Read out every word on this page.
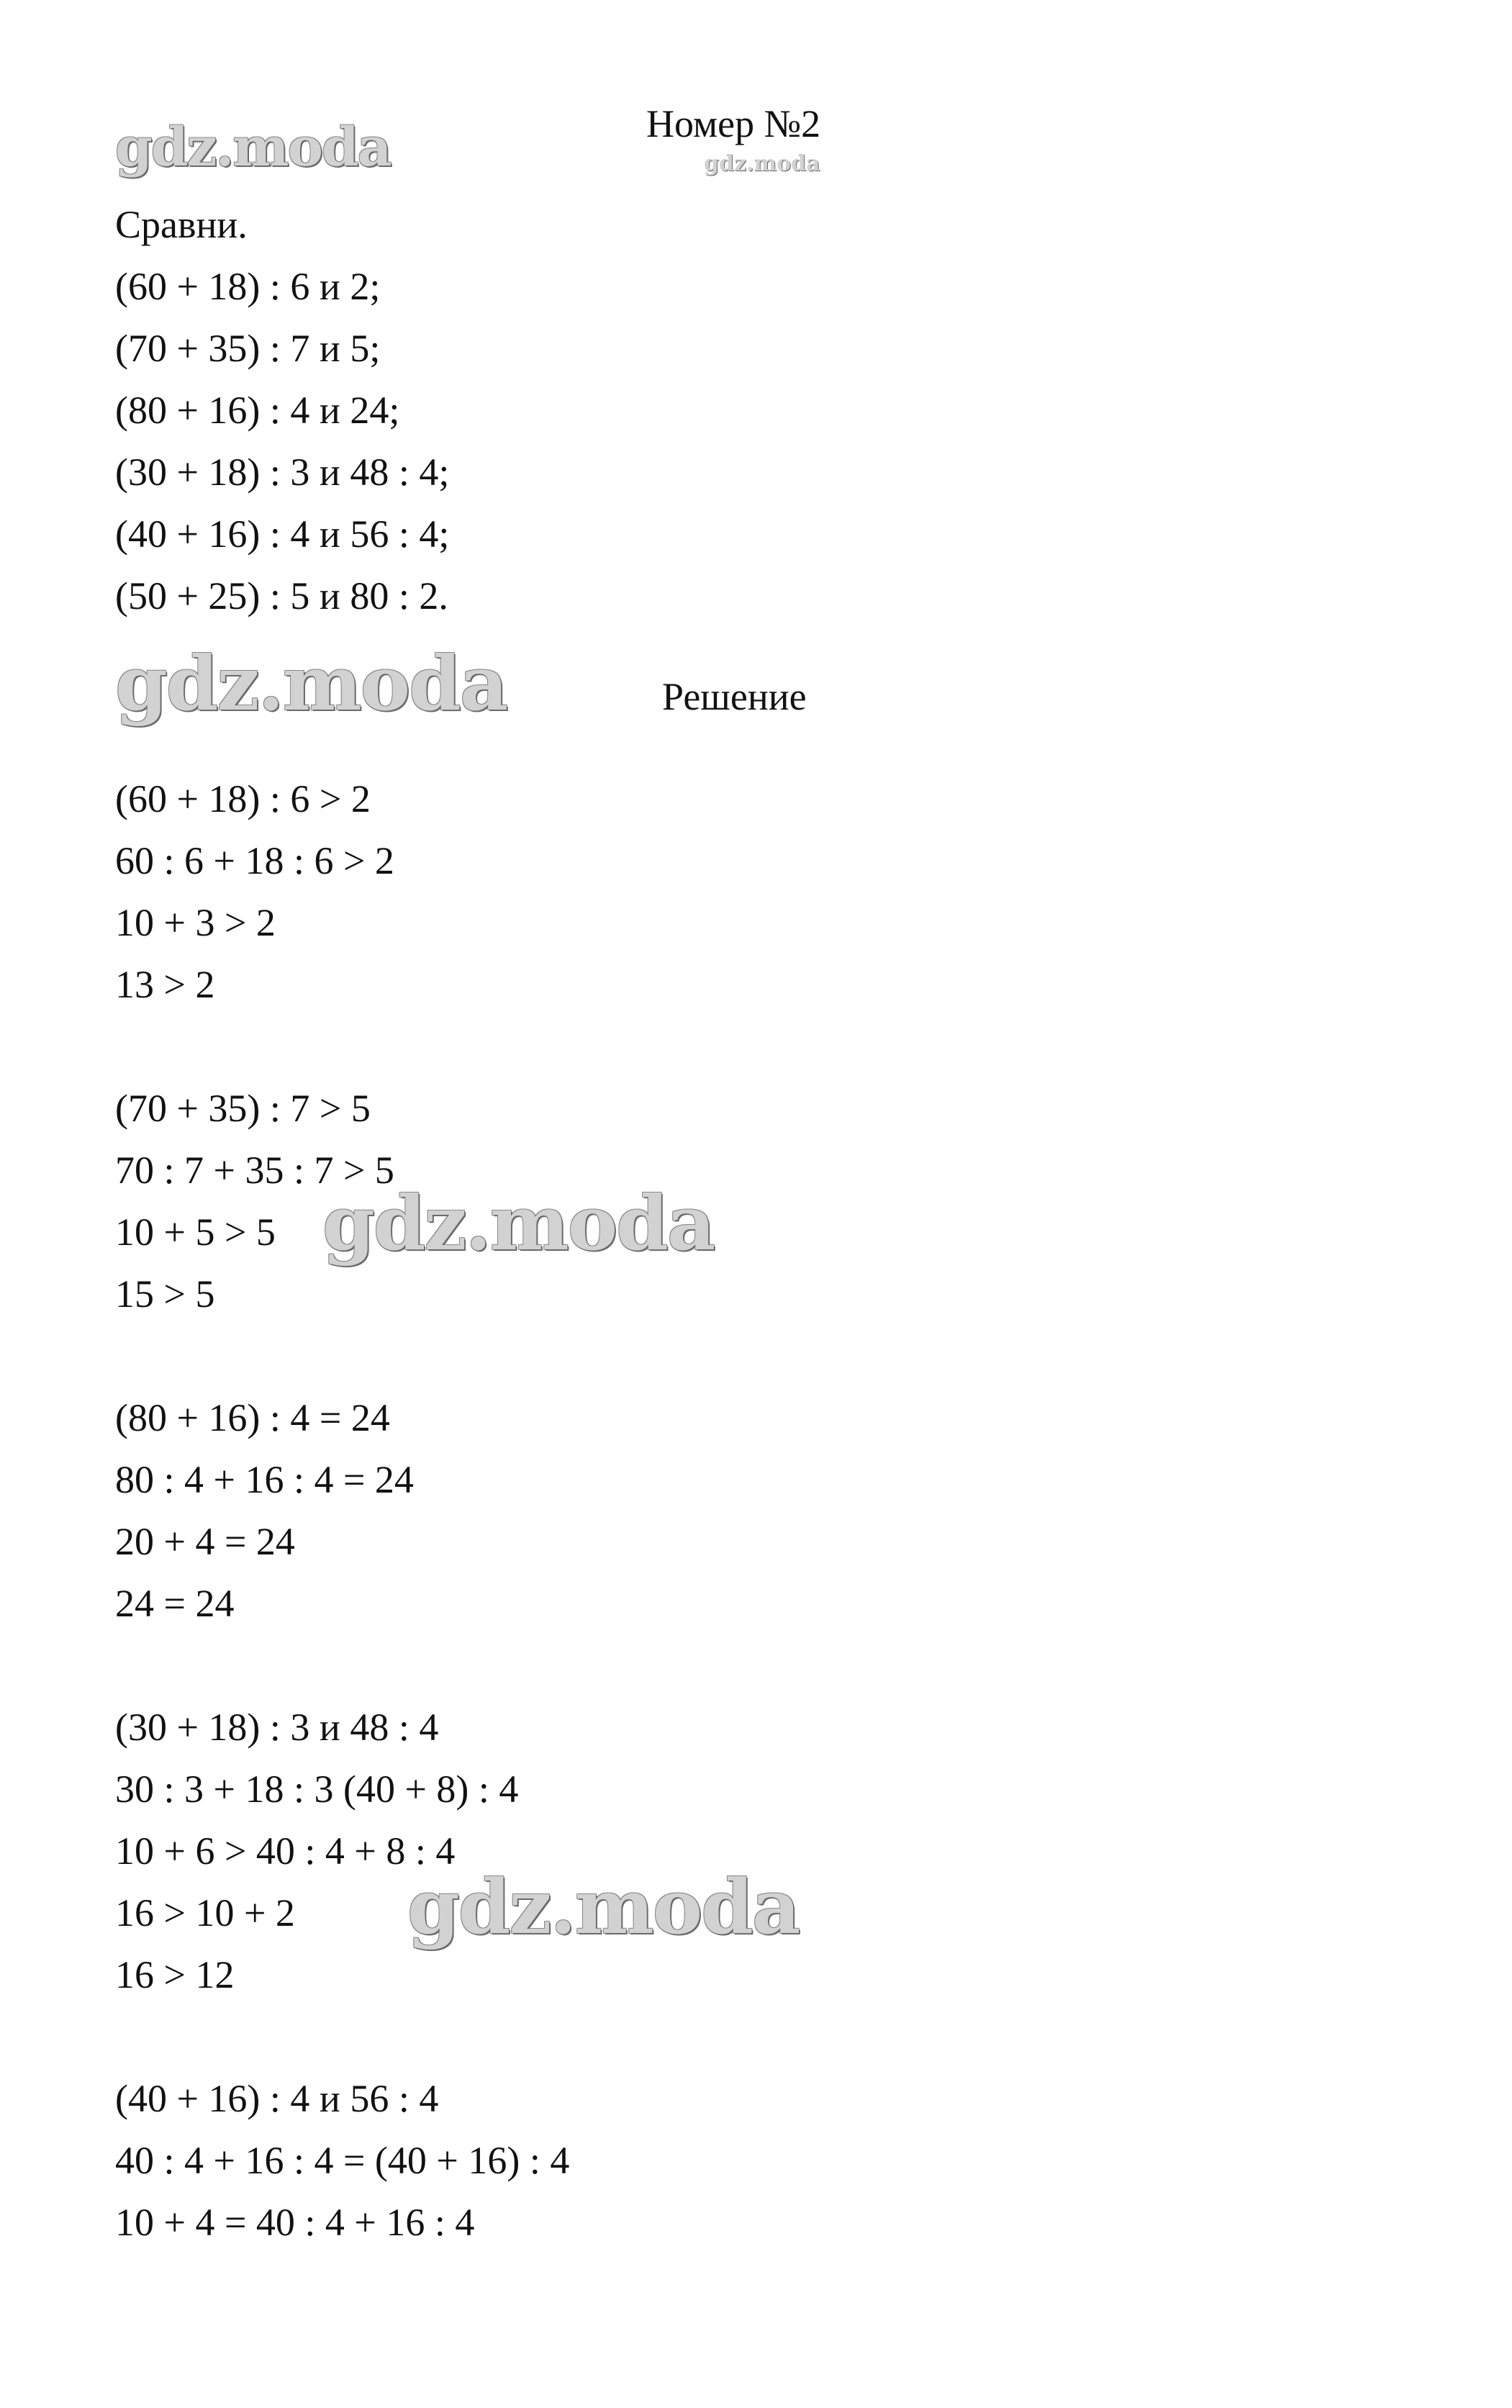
gdz.moda	gdz.moda
gdz.moda
gdz.moda
gdz.moda
Номер №2
Сравни.
(60 + 18) : 6 и 2;
(70 + 35) : 7 и 5;
(80 + 16) : 4 и 24;
(30 + 18) : 3 и 48 : 4;
(40 + 16) : 4 и 56 : 4;
(50 + 25) : 5 и 80 : 2.
Решение
(60 + 18) : 6 > 2
60 : 6 + 18 : 6 > 2
10 + 3 > 2
13 > 2
(70 + 35) : 7 > 5
70 : 7 + 35 : 7 > 5
10 + 5 > 5
15 > 5
(80 + 16) : 4 = 24
80 : 4 + 16 : 4 = 24
20 + 4 = 24
24 = 24
(30 + 18) : 3 и 48 : 4
30 : 3 + 18 : 3 (40 + 8) : 4
10 + 6 > 40 : 4 + 8 : 4
16 > 10 + 2
16 > 12
(40 + 16) : 4 и 56 : 4
40 : 4 + 16 : 4 = (40 + 16) : 4
10 + 4 = 40 : 4 + 16 : 4
